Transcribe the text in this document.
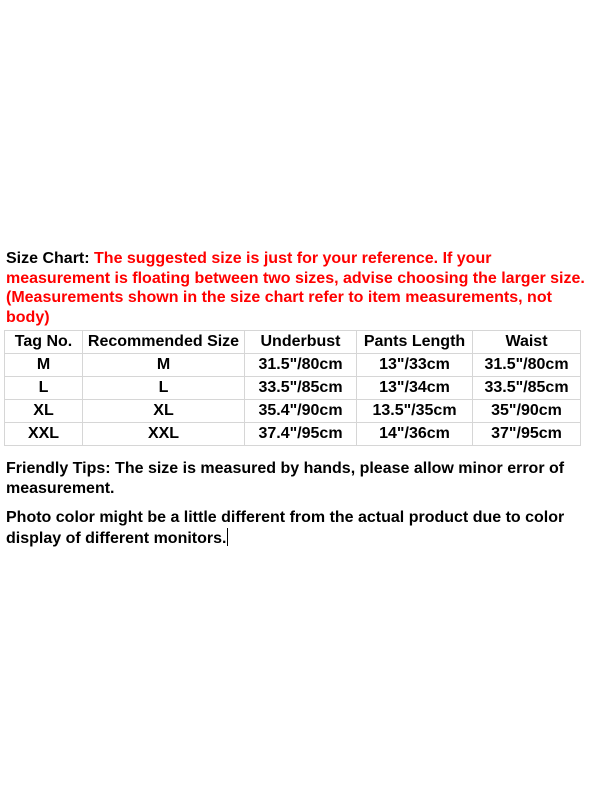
Size Chart: The suggested size is just for your reference. If your measurement is floating between two sizes, advise choosing the larger size. (Measurements shown in the size chart refer to item measurements, not body)

Tag No.	Recommended Size	Underbust	Pants Length	Waist
M	M	31.5"/80cm	13"/33cm	31.5"/80cm
L	L	33.5"/85cm	13"/34cm	33.5"/85cm
XL	XL	35.4"/90cm	13.5"/35cm	35"/90cm
XXL	XXL	37.4"/95cm	14"/36cm	37"/95cm

Friendly Tips: The size is measured by hands, please allow minor error of measurement.

Photo color might be a little different from the actual product due to color display of different monitors.
